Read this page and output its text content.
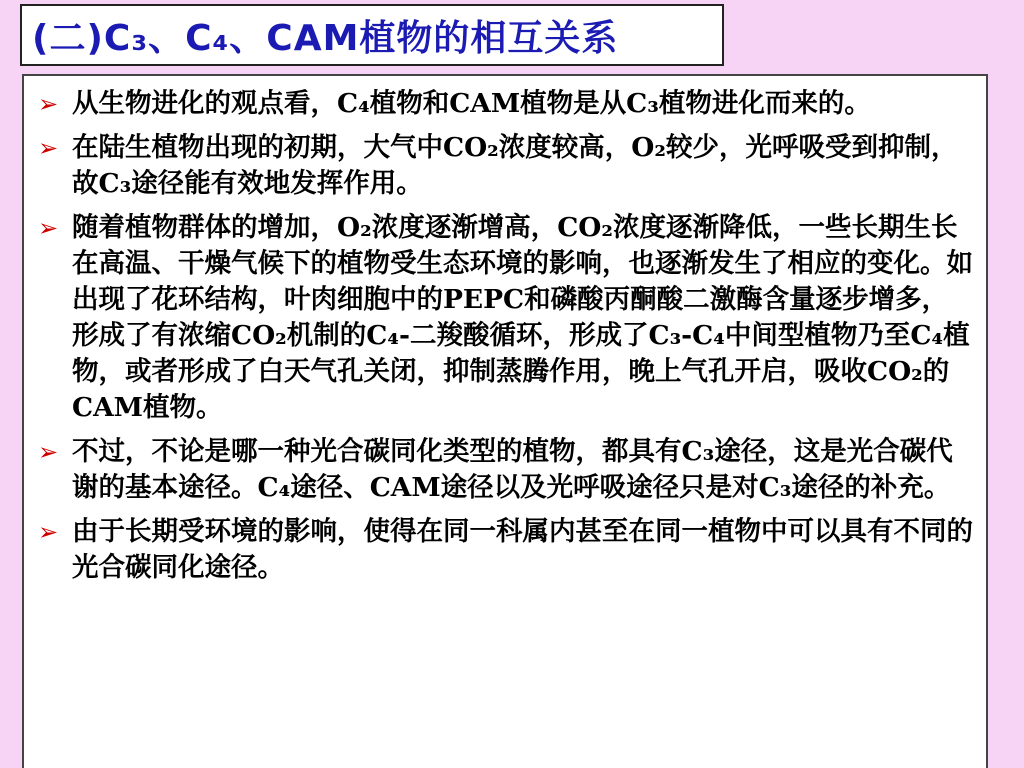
(二)C₃、C₄、CAM植物的相互关系
➢ 从生物进化的观点看，C₄植物和CAM植物是从C₃植物进化而来的。

➢ 在陆生植物出现的初期，大气中CO₂浓度较高，O₂较少，光呼吸受到抑制，故C₃途径能有效地发挥作用。

➢ 随着植物群体的增加，O₂浓度逐渐增高，CO₂浓度逐渐降低，一些长期生长在高温、干燥气候下的植物受生态环境的影响，也逐渐发生了相应的变化。如出现了花环结构，叶肉细胞中的PEPC和磷酸丙酮酸二激酶含量逐步增多，形成了有浓缩CO₂机制的C₄-二羧酸循环，形成了C₃-C₄中间型植物乃至C₄植物，或者形成了白天气孔关闭，抑制蒸腾作用，晚上气孔开启，吸收CO₂的CAM植物。

➢ 不过，不论是哪一种光合碳同化类型的植物，都具有C₃途径，这是光合碳代谢的基本途径。C₄途径、CAM途径以及光呼吸途径只是对C₃途径的补充。

➢ 由于长期受环境的影响，使得在同一科属内甚至在同一植物中可以具有不同的光合碳同化途径。
